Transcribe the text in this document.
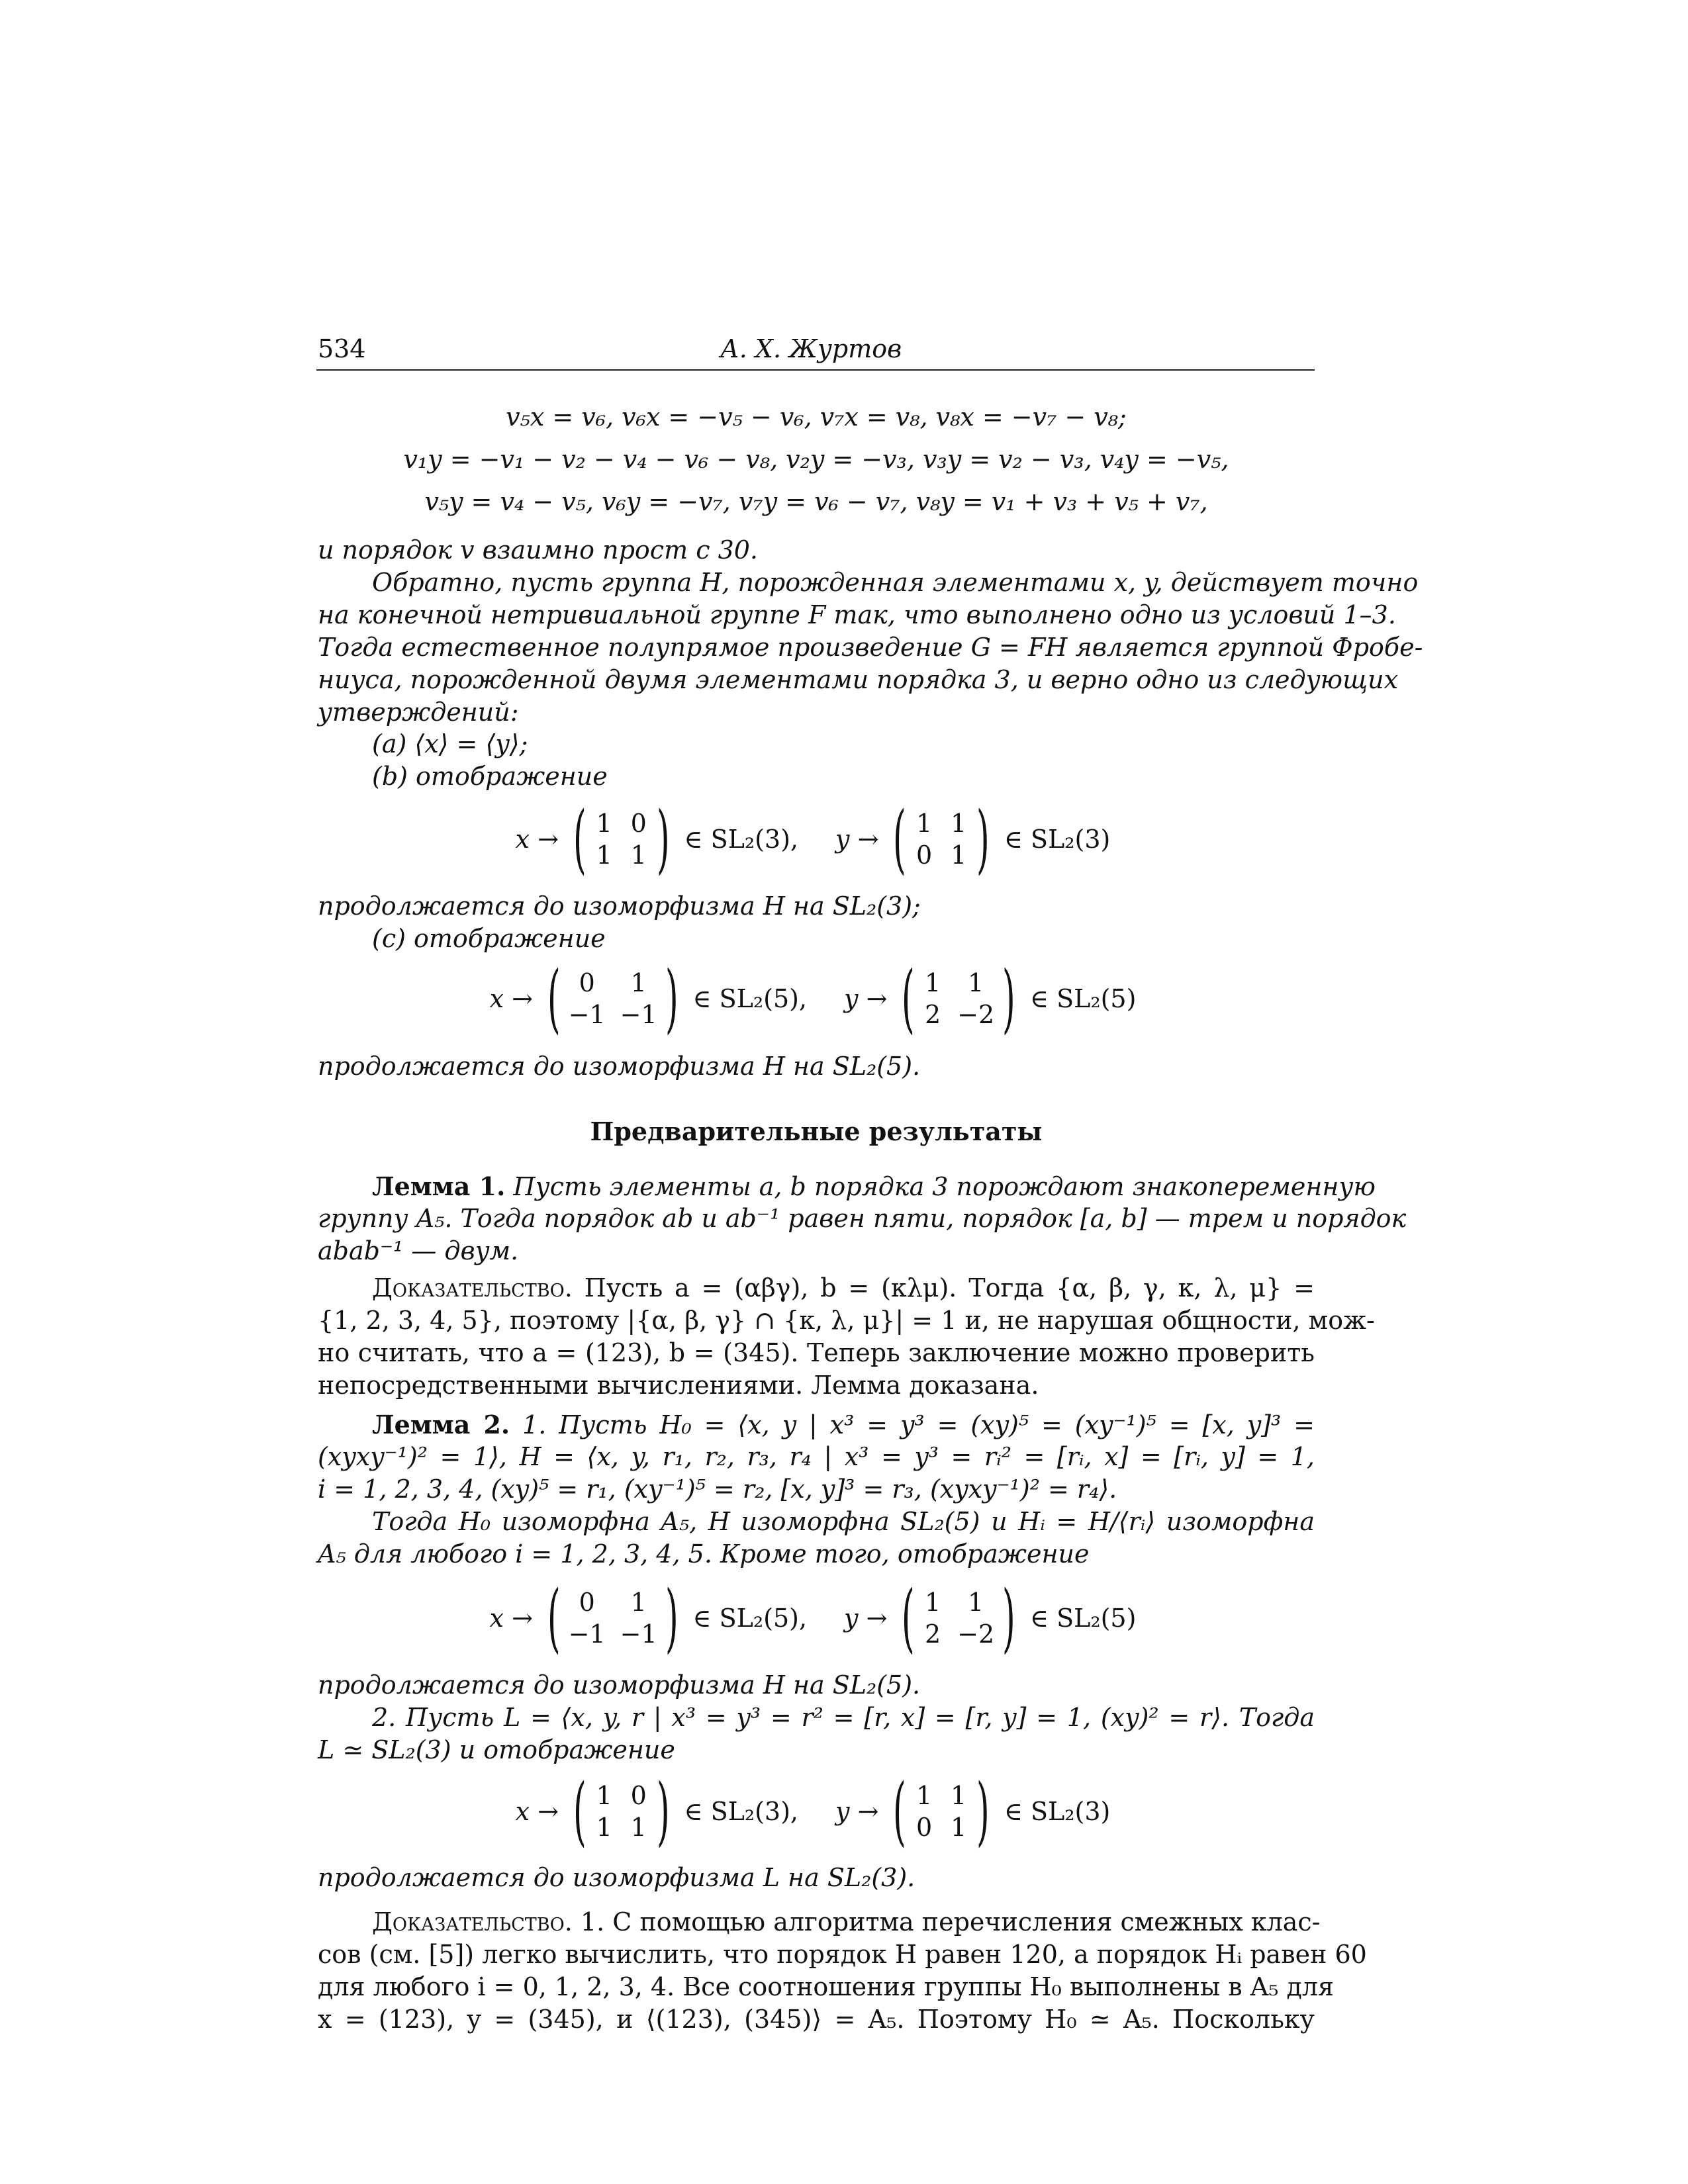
534	А. Х. Журтов
v₅x = v₆, v₆x = −v₅ − v₆, v₇x = v₈, v₈x = −v₇ − v₈;
v₁y = −v₁ − v₂ − v₄ − v₆ − v₈, v₂y = −v₃, v₃y = v₂ − v₃, v₄y = −v₅,
v₅y = v₄ − v₅, v₆y = −v₇, v₇y = v₆ − v₇, v₈y = v₁ + v₃ + v₅ + v₇,
и порядок v взаимно прост с 30.
Обратно, пусть группа H, порожденная элементами x, y, действует точно
на конечной нетривиальной группе F так, что выполнено одно из условий 1–3.
Тогда естественное полупрямое произведение G = FH является группой Фробе-
ниуса, порожденной двумя элементами порядка 3, и верно одно из следующих
утверждений:
(a) ⟨x⟩ = ⟨y⟩;
(b) отображение
x → ( 1 0
1 1 ) ∈ SL₂(3), y → ( 1 1
0 1 ) ∈ SL₂(3)
продолжается до изоморфизма H на SL₂(3);
(c) отображение
x → ( 0	1
−1 −1 ) ∈ SL₂(5), y → ( 1	1
2 −2 ) ∈ SL₂(5)
продолжается до изоморфизма H на SL₂(5).
Предварительные результаты
Лемма 1. Пусть элементы a, b порядка 3 порождают знакопеременную
группу A₅. Тогда порядок ab и ab⁻¹ равен пяти, порядок [a, b] — трем и порядок
abab⁻¹ — двум.
Доказательство. Пусть a = (αβγ), b = (κλμ). Тогда {α, β, γ, κ, λ, μ} =
{1, 2, 3, 4, 5}, поэтому |{α, β, γ} ∩ {κ, λ, μ}| = 1 и, не нарушая общности, мож-
но считать, что a = (123), b = (345). Теперь заключение можно проверить
непосредственными вычислениями. Лемма доказана.
Лемма 2. 1. Пусть H₀ = ⟨x, y | x³ = y³ = (xy)⁵ = (xy⁻¹)⁵ = [x, y]³ =
(xyxy⁻¹)² = 1⟩, H = ⟨x, y, r₁, r₂, r₃, r₄ | x³ = y³ = rᵢ² = [rᵢ, x] = [rᵢ, y] = 1,
i = 1, 2, 3, 4, (xy)⁵ = r₁, (xy⁻¹)⁵ = r₂, [x, y]³ = r₃, (xyxy⁻¹)² = r₄⟩.
Тогда H₀ изоморфна A₅, H изоморфна SL₂(5) и Hᵢ = H/⟨rᵢ⟩ изоморфна
A₅ для любого i = 1, 2, 3, 4, 5. Кроме того, отображение
x → ( 0	1
−1 −1 ) ∈ SL₂(5), y → ( 1	1
2 −2 ) ∈ SL₂(5)
продолжается до изоморфизма H на SL₂(5).
2. Пусть L = ⟨x, y, r | x³ = y³ = r² = [r, x] = [r, y] = 1, (xy)² = r⟩. Тогда
L ≃ SL₂(3) и отображение
x → ( 1 0
1 1 ) ∈ SL₂(3), y → ( 1 1
0 1 ) ∈ SL₂(3)
продолжается до изоморфизма L на SL₂(3).
Доказательство. 1. С помощью алгоритма перечисления смежных клас-
сов (см. [5]) легко вычислить, что порядок H равен 120, а порядок Hᵢ равен 60
для любого i = 0, 1, 2, 3, 4. Все соотношения группы H₀ выполнены в A₅ для
x = (123), y = (345), и ⟨(123), (345)⟩ = A₅. Поэтому H₀ ≃ A₅. Поскольку
